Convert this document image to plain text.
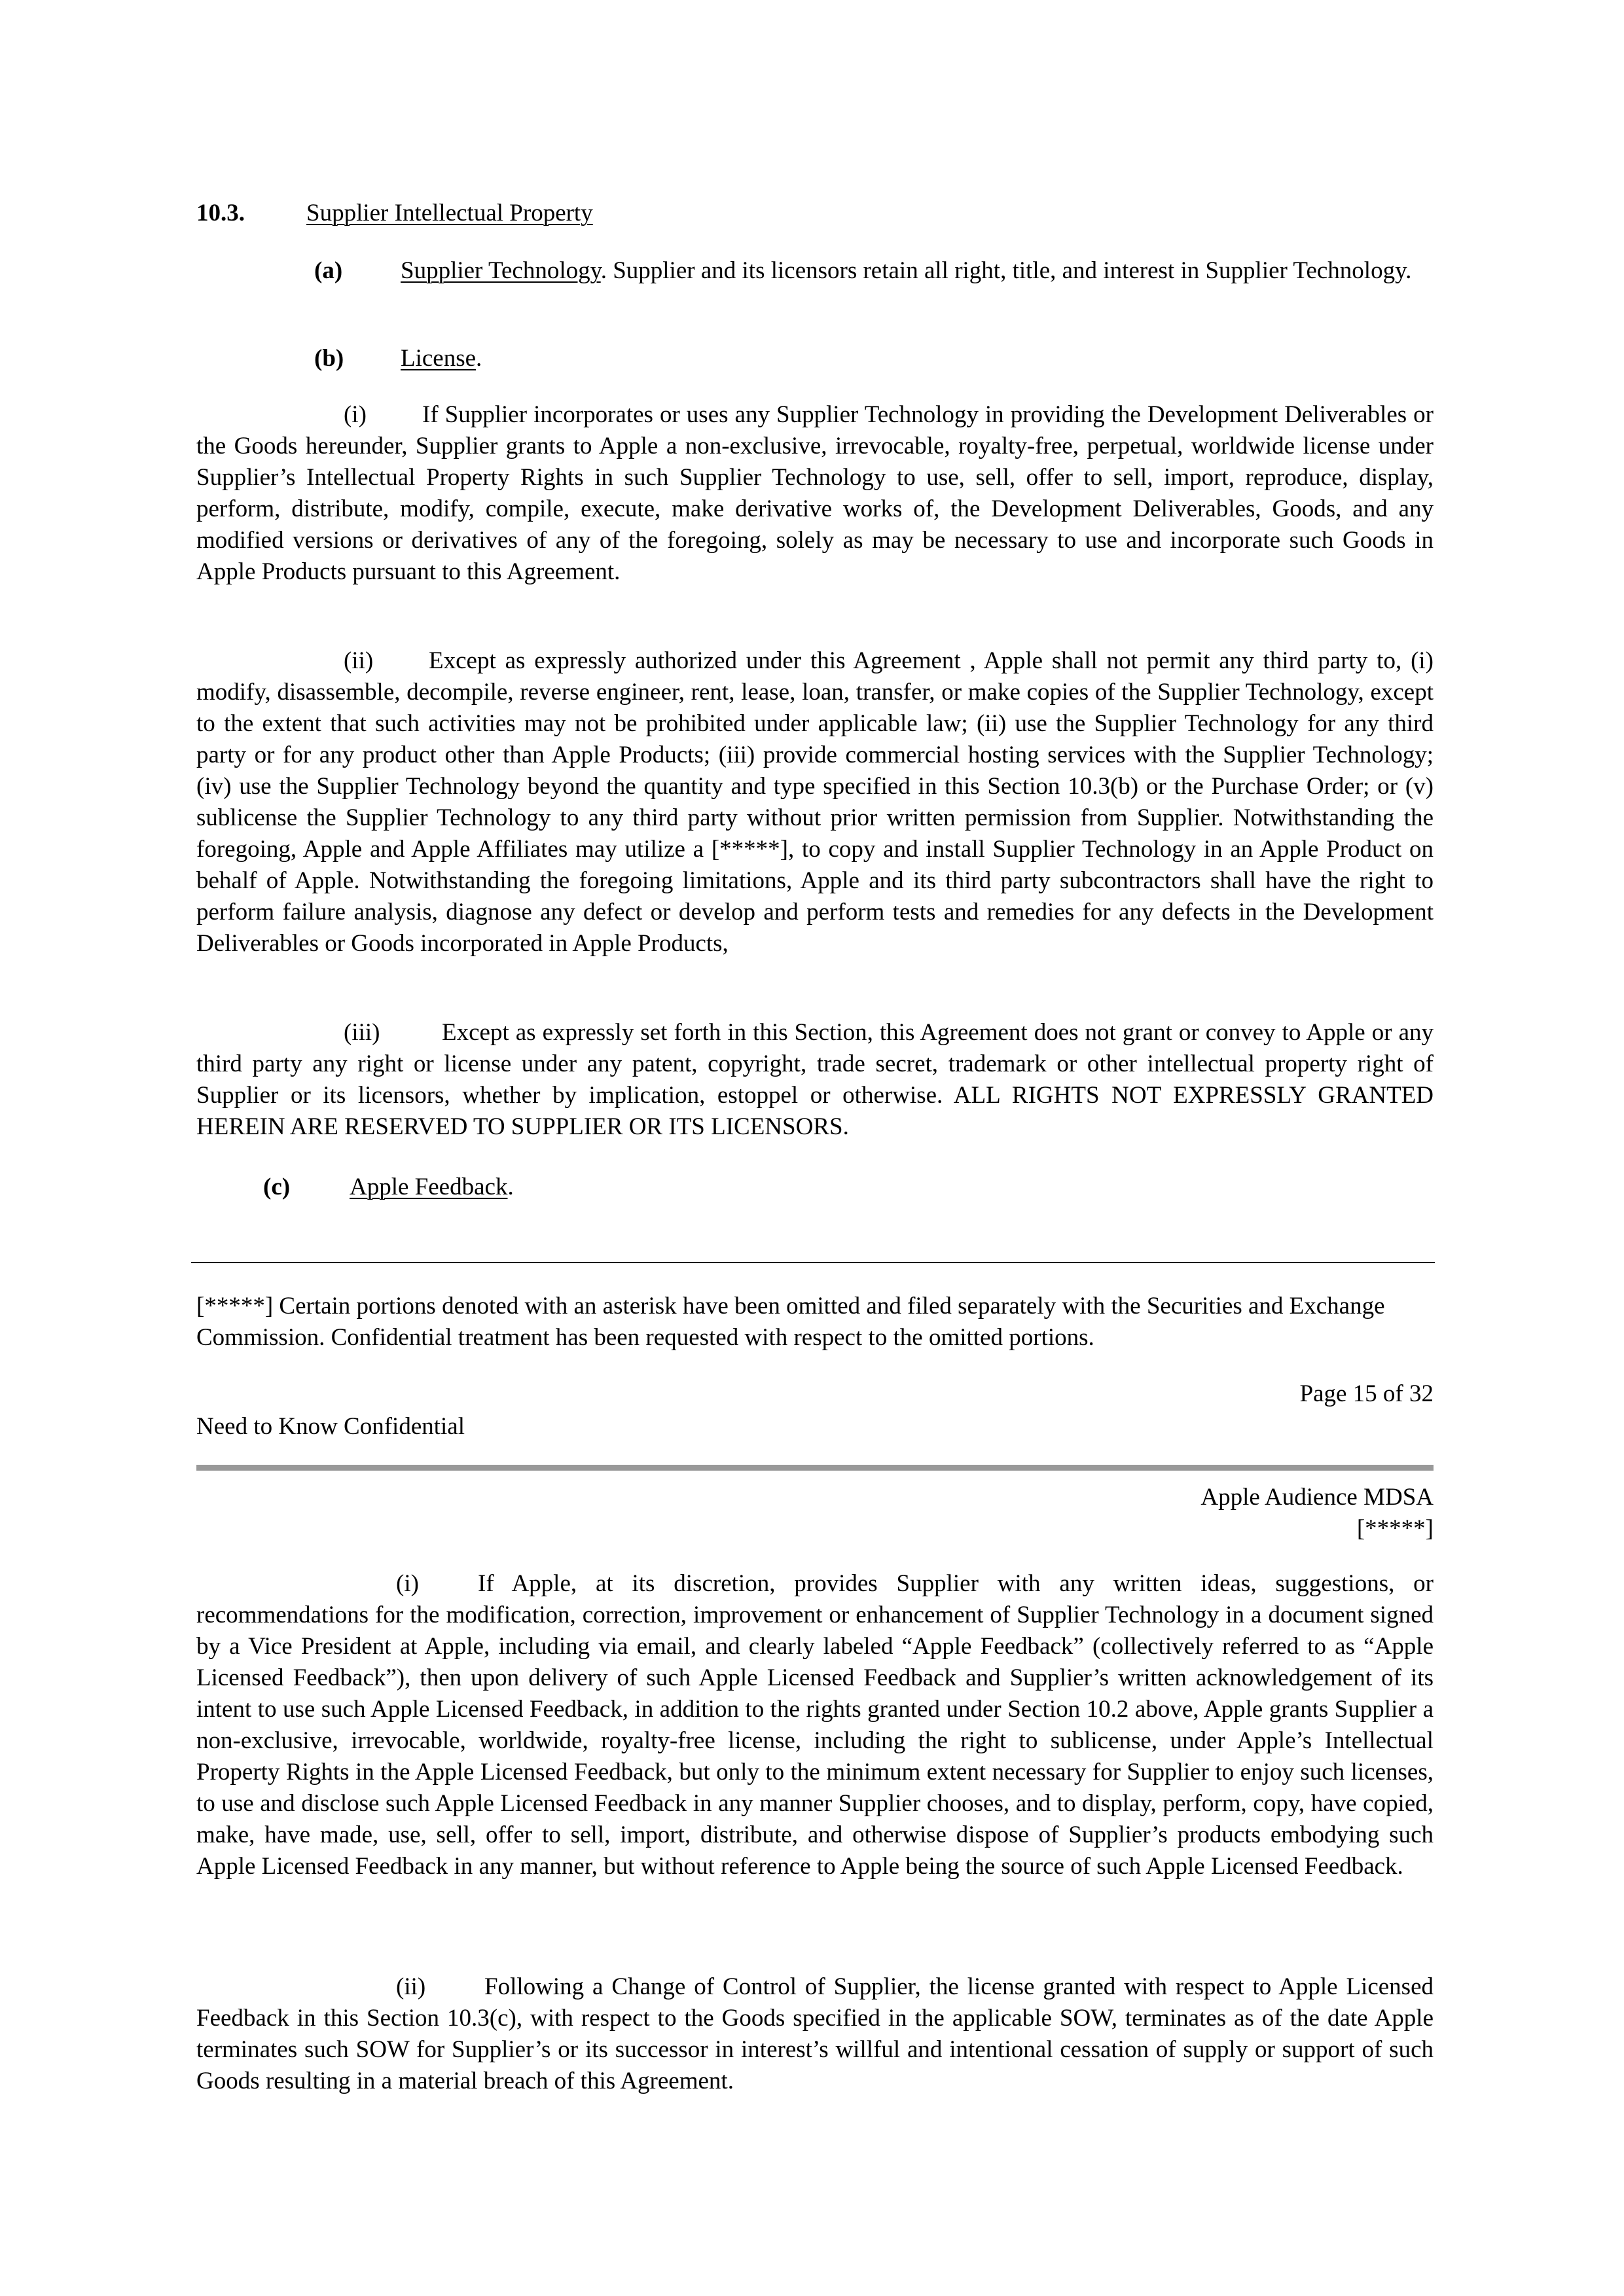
10.3.	Supplier Intellectual Property
(a) Supplier Technology. Supplier and its licensors retain all right, title, and interest in Supplier Technology.
(b) License.
(i) If Supplier incorporates or uses any Supplier Technology in providing the Development Deliverables or the Goods hereunder, Supplier grants to Apple a non-exclusive, irrevocable, royalty-free, perpetual, worldwide license under Supplier’s Intellectual Property Rights in such Supplier Technology to use, sell, offer to sell, import, reproduce, display, perform, distribute, modify, compile, execute, make derivative works of, the Development Deliverables, Goods, and any modified versions or derivatives of any of the foregoing, solely as may be necessary to use and incorporate such Goods in Apple Products pursuant to this Agreement.
(ii) Except as expressly authorized under this Agreement , Apple shall not permit any third party to, (i) modify, disassemble, decompile, reverse engineer, rent, lease, loan, transfer, or make copies of the Supplier Technology, except to the extent that such activities may not be prohibited under applicable law; (ii) use the Supplier Technology for any third party or for any product other than Apple Products; (iii) provide commercial hosting services with the Supplier Technology; (iv) use the Supplier Technology beyond the quantity and type specified in this Section 10.3(b) or the Purchase Order; or (v) sublicense the Supplier Technology to any third party without prior written permission from Supplier. Notwithstanding the foregoing, Apple and Apple Affiliates may utilize a [*****], to copy and install Supplier Technology in an Apple Product on behalf of Apple. Notwithstanding the foregoing limitations, Apple and its third party subcontractors shall have the right to perform failure analysis, diagnose any defect or develop and perform tests and remedies for any defects in the Development Deliverables or Goods incorporated in Apple Products,
(iii)	Except as expressly set forth in this Section, this Agreement does not grant or convey to Apple or any third party any right or license under any patent, copyright, trade secret, trademark or other intellectual property right of Supplier or its licensors, whether by implication, estoppel or otherwise. ALL RIGHTS NOT EXPRESSLY GRANTED HEREIN ARE RESERVED TO SUPPLIER OR ITS LICENSORS.
(c) Apple Feedback.
[*****] Certain portions denoted with an asterisk have been omitted and filed separately with the Securities and Exchange Commission. Confidential treatment has been requested with respect to the omitted portions.
Page 15 of 32
Need to Know Confidential
Apple Audience MDSA
[*****]
(i) If Apple, at its discretion, provides Supplier with any written ideas, suggestions, or recommendations for the modification, correction, improvement or enhancement of Supplier Technology in a document signed by a Vice President at Apple, including via email, and clearly labeled “Apple Feedback” (collectively referred to as “Apple Licensed Feedback”), then upon delivery of such Apple Licensed Feedback and Supplier’s written acknowledgement of its intent to use such Apple Licensed Feedback, in addition to the rights granted under Section 10.2 above, Apple grants Supplier a non-exclusive, irrevocable, worldwide, royalty-free license, including the right to sublicense, under Apple’s Intellectual Property Rights in the Apple Licensed Feedback, but only to the minimum extent necessary for Supplier to enjoy such licenses, to use and disclose such Apple Licensed Feedback in any manner Supplier chooses, and to display, perform, copy, have copied, make, have made, use, sell, offer to sell, import, distribute, and otherwise dispose of Supplier’s products embodying such Apple Licensed Feedback in any manner, but without reference to Apple being the source of such Apple Licensed Feedback.
(ii) Following a Change of Control of Supplier, the license granted with respect to Apple Licensed Feedback in this Section 10.3(c), with respect to the Goods specified in the applicable SOW, terminates as of the date Apple terminates such SOW for Supplier’s or its successor in interest’s willful and intentional cessation of supply or support of such Goods resulting in a material breach of this Agreement.
